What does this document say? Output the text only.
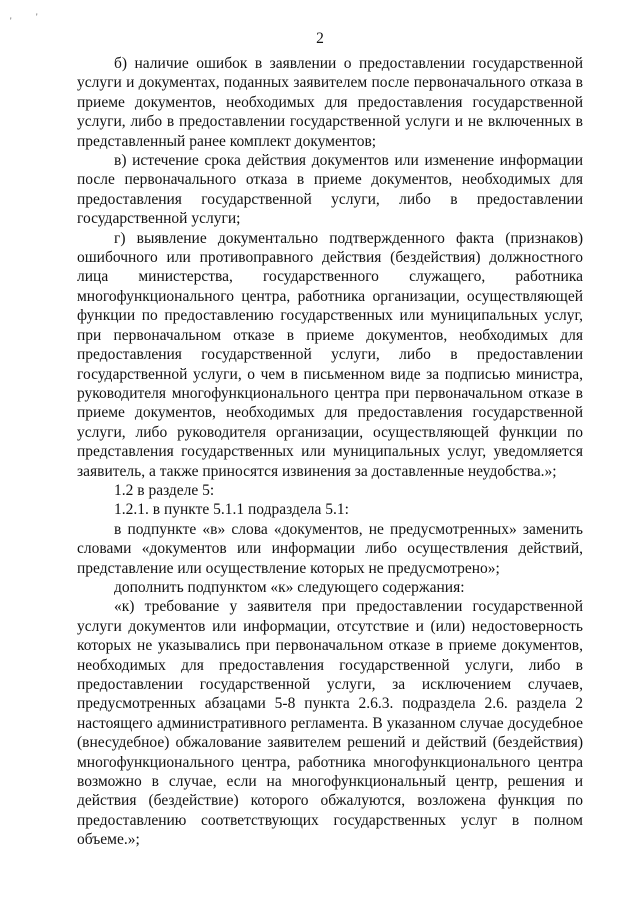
'	'
2

б) наличие ошибок в заявлении о предоставлении государственной услуги и документах, поданных заявителем после первоначального отказа в приеме документов, необходимых для предоставления государственной услуги, либо в предоставлении государственной услуги и не включенных в представленный ранее комплект документов;

в) истечение срока действия документов или изменение информации после первоначального отказа в приеме документов, необходимых для предоставления государственной услуги, либо в предоставлении государственной услуги;

г) выявление документально подтвержденного факта (признаков) ошибочного или противоправного действия (бездействия) должностного лица министерства, государственного служащего, работника многофункционального центра, работника организации, осуществляющей функции по предоставлению государственных или муниципальных услуг, при первоначальном отказе в приеме документов, необходимых для предоставления государственной услуги, либо в предоставлении государственной услуги, о чем в письменном виде за подписью министра, руководителя многофункционального центра при первоначальном отказе в приеме документов, необходимых для предоставления государственной услуги, либо руководителя организации, осуществляющей функции по представления государственных или муниципальных услуг, уведомляется заявитель, а также приносятся извинения за доставленные неудобства.»;

1.2 в разделе 5:

1.2.1. в пункте 5.1.1 подраздела 5.1:

в подпункте «в» слова «документов, не предусмотренных» заменить словами «документов или информации либо осуществления действий, представление или осуществление которых не предусмотрено»;

дополнить подпунктом «к» следующего содержания:

«к) требование у заявителя при предоставлении государственной услуги документов или информации, отсутствие и (или) недостоверность которых не указывались при первоначальном отказе в приеме документов, необходимых для предоставления государственной услуги, либо в предоставлении государственной услуги, за исключением случаев, предусмотренных абзацами 5-8 пункта 2.6.3. подраздела 2.6. раздела 2 настоящего административного регламента. В указанном случае досудебное (внесудебное) обжалование заявителем решений и действий (бездействия) многофункционального центра, работника многофункционального центра возможно в случае, если на многофункциональный центр, решения и действия (бездействие) которого обжалуются, возложена функция по предоставлению соответствующих государственных услуг в полном объеме.»;
